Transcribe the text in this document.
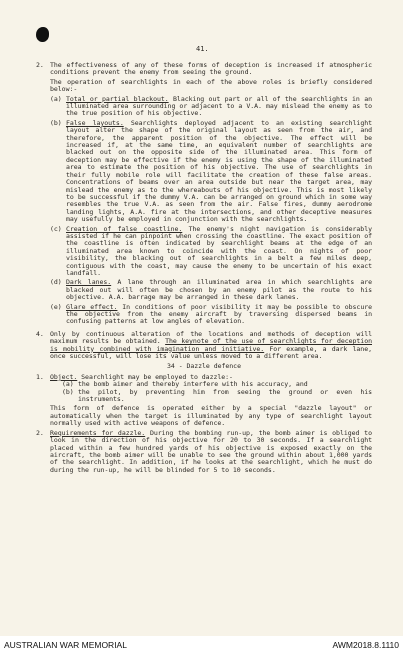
41.
2. The effectiveness of any of these forms of deception is increased if atmospheric conditions prevent the enemy from seeing the ground.
The operation of searchlights in each of the above roles is briefly considered below:-
(a) Total or partial blackout. Blacking out part or all of the searchlights in an illuminated area surrounding or adjacent to a V.A. may mislead the enemy as to the true position of his objective.
(b) False layouts. Searchlights deployed adjacent to an existing searchlight layout alter the shape of the original layout as seen from the air, and therefore, the apparent position of the objective. The effect will be increased if, at the same time, an equivalent number of searchlights are blacked out on the opposite side of the illuminated area. This form of deception may be effective if the enemy is using the shape of the illuminated area to estimate the position of his objective. The use of searchlights in their fully mobile role will facilitate the creation of these false areas. Concentrations of beams over an area outside but near the target area, may mislead the enemy as to the whereabouts of his objective. This is most likely to be successful if the dummy V.A. can be arranged on ground which in some way resembles the true V.A. as seen from the air. False fires, dummy aerodrome landing lights, A.A. fire at the intersections, and other deceptive measures may usefully be employed in conjunction with the searchlights.
(c) Creation of false coastline. The enemy's night navigation is considerably assisted if he can pinpoint when crossing the coastline. The exact position of the coastline is often indicated by searchlight beams at the edge of an illuminated area known to coincide with the coast. On nights of poor visibility, the blacking out of searchlights in a belt a few miles deep, contiguous with the coast, may cause the enemy to be uncertain of his exact landfall.
(d) Dark lanes. A lane through an illuminated area in which searchlights are blacked out will often be chosen by an enemy pilot as the route to his objective. A.A. barrage may be arranged in these dark lanes.
(e) Glare effect. In conditions of poor visibility it may be possible to obscure the objective from the enemy aircraft by traversing dispersed beams in confusing patterns at low angles of elevation.
4. Only by continuous alteration of the locations and methods of deception will maximum results be obtained. The keynote of the use of searchlights for deception is mobility combined with imagination and initiative. For example, a dark lane, once successful, will lose its value unless moved to a different area.
34 - Dazzle defence
1. Object. Searchlight may be employed to dazzle:-
(a) the bomb aimer and thereby interfere with his accuracy, and
(b) the pilot, by preventing him from seeing the ground or even his instruments.
This form of defence is operated either by a special "dazzle layout" or automatically when the target is illuminated by any type of searchlight layout normally used with active weapons of defence.
2. Requirements for dazzle. During the bombing run-up, the bomb aimer is obliged to look in the direction of his objective for 20 to 30 seconds. If a searchlight placed within a few hundred yards of his objective is exposed exactly on the aircraft, the bomb aimer will be unable to see the ground within about 1,000 yards of the searchlight. In addition, if he looks at the searchlight, which he must do during the run-up, he will be blinded for 5 to 10 seconds.
AUSTRALIAN WAR MEMORIAL	AWM2018.8.1110
